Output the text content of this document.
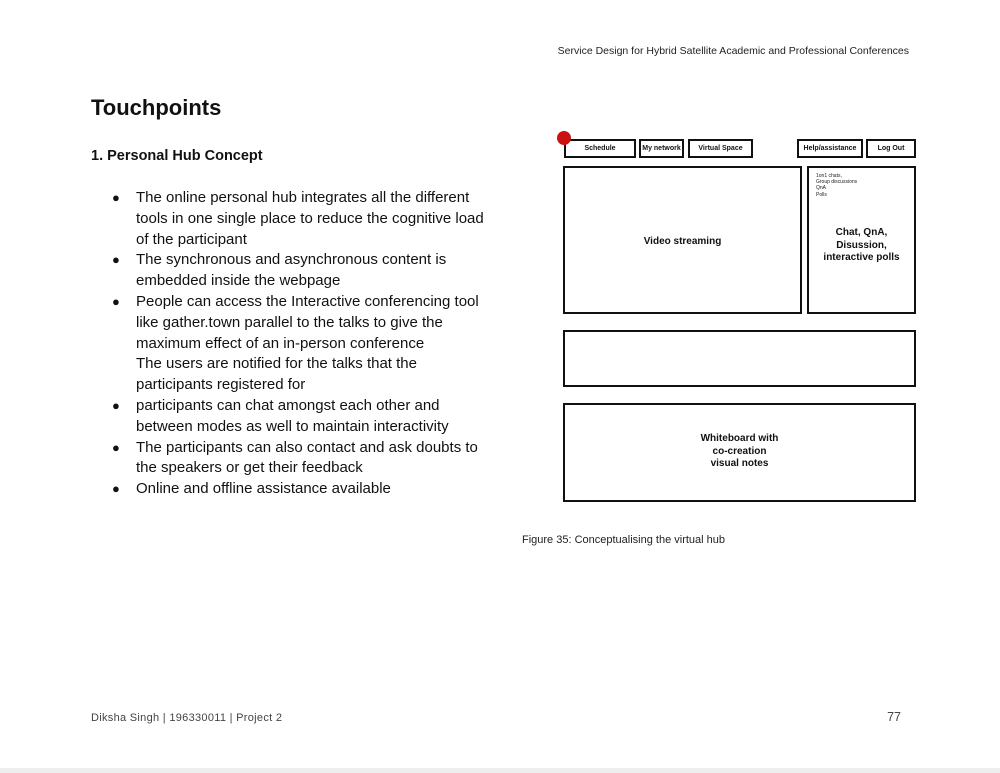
Service Design for Hybrid Satellite Academic and Professional Conferences
Touchpoints
1. Personal Hub Concept
● The online personal hub integrates all the different tools in one single place to reduce the cognitive load of the participant
● The synchronous and asynchronous content is embedded inside the webpage
● People can access the Interactive conferencing tool like gather.town parallel to the talks to give the maximum effect of an in-person conference
The users are notified for the talks that the participants registered for
● participants can chat amongst each other and between modes as well to maintain interactivity
● The participants can also contact and ask doubts to the speakers or get their feedback
● Online and offline assistance available
Schedule	My network	Virtual Space	Help/assistance	Log Out
Video streaming
1on1 chats,
Group discussions
QnA
Polls
Chat, QnA,
Disussion,
interactive polls
Whiteboard with
co-creation
visual notes
Figure 35: Conceptualising the virtual hub
Diksha Singh | 196330011 | Project 2	77
